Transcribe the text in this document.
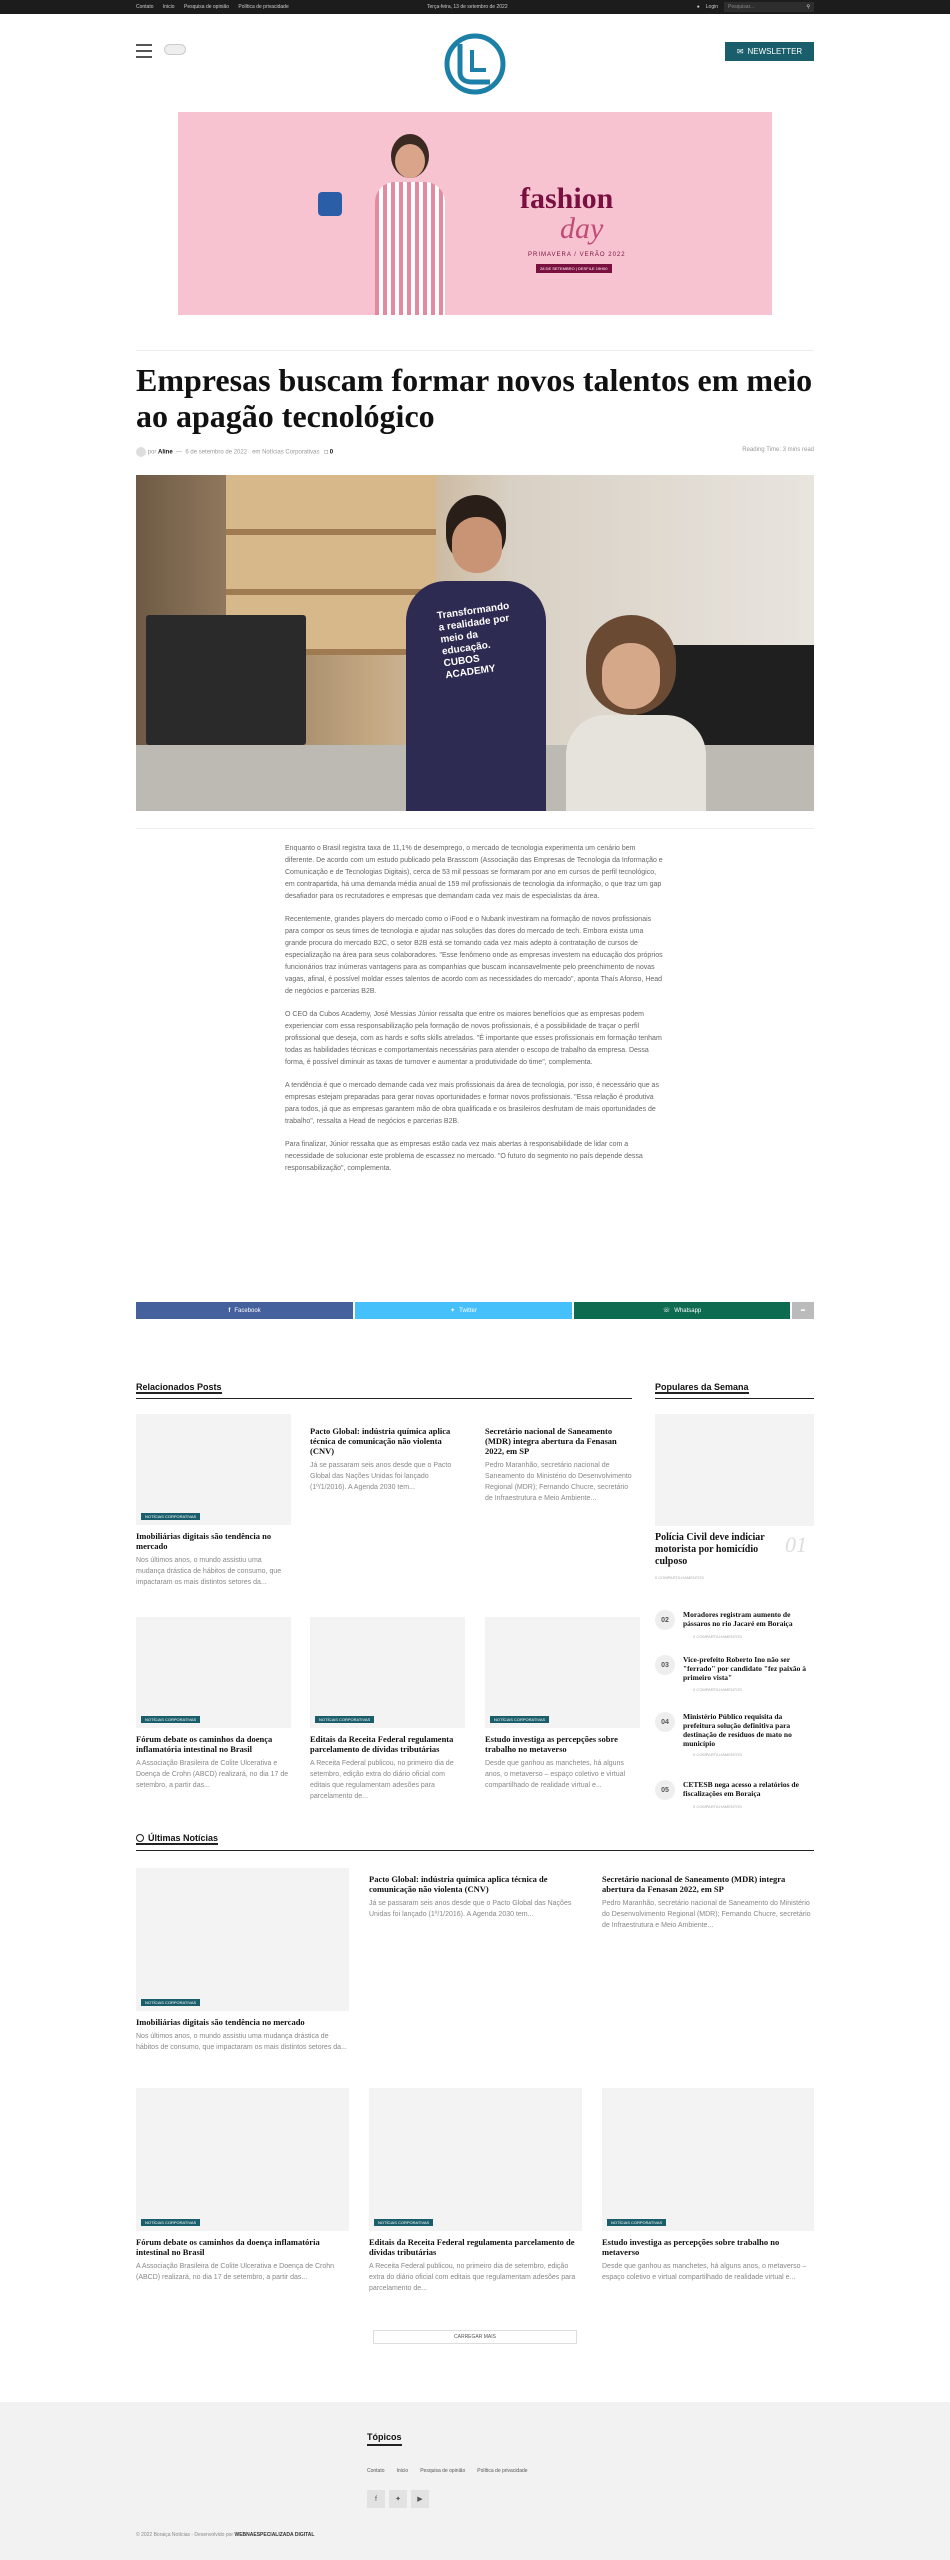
Contato Inicio Pesquisa de opinião Política de privacidade	Terça-feira, 13 de setembro de 2022	● Login Pesquisar...	⚲
✉ NEWSLETTER
fashion
day
PRIMAVERA / VERÃO 2022
28 DE SETEMBRO | DESFILE 19H00
Empresas buscam formar novos talentos em meio ao apagão tecnológico
por Aline  —  6 de setembro de 2022 em Notícias Corporativas □ 0	Reading Time: 3 mins read
Transformando a realidade por meio da educação. CUBOS ACADEMY

Enquanto o Brasil registra taxa de 11,1% de desemprego, o mercado de tecnologia experimenta um cenário bem diferente. De acordo com um estudo publicado pela Brasscom (Associação das Empresas de Tecnologia da Informação e Comunicação e de Tecnologias Digitais), cerca de 53 mil pessoas se formaram por ano em cursos de perfil tecnológico, em contrapartida, há uma demanda média anual de 159 mil profissionais de tecnologia da informação, o que traz um gap desafiador para os recrutadores e empresas que demandam cada vez mais de especialistas da área.

Recentemente, grandes players do mercado como o iFood e o Nubank investiram na formação de novos profissionais para compor os seus times de tecnologia e ajudar nas soluções das dores do mercado de tech. Embora exista uma grande procura do mercado B2C, o setor B2B está se tornando cada vez mais adepto à contratação de cursos de especialização na área para seus colaboradores. "Esse fenômeno onde as empresas investem na educação dos próprios funcionários traz inúmeras vantagens para as companhias que buscam incansavelmente pelo preenchimento de novas vagas, afinal, é possível moldar esses talentos de acordo com as necessidades do mercado", aponta Thaís Afonso, Head de negócios e parcerias B2B.

O CEO da Cubos Academy, José Messias Júnior ressalta que entre os maiores benefícios que as empresas podem experienciar com essa responsabilização pela formação de novos profissionais, é a possibilidade de traçar o perfil profissional que deseja, com as hards e softs skills atrelados. "É importante que esses profissionais em formação tenham todas as habilidades técnicas e comportamentais necessárias para atender o escopo de trabalho da empresa. Dessa forma, é possível diminuir as taxas de turnover e aumentar a produtividade do time", complementa.

A tendência é que o mercado demande cada vez mais profissionais da área de tecnologia, por isso, é necessário que as empresas estejam preparadas para gerar novas oportunidades e formar novos profissionais. "Essa relação é produtiva para todos, já que as empresas garantem mão de obra qualificada e os brasileiros desfrutam de mais oportunidades de trabalho", ressalta a Head de negócios e parcerias B2B.

Para finalizar, Júnior ressalta que as empresas estão cada vez mais abertas à responsabilidade de lidar com a necessidade de solucionar este problema de escassez no mercado. "O futuro do segmento no país depende dessa responsabilização", complementa.

f Facebook	✦ Twitter	☏ Whatsapp	➦
Relacionados Posts
NOTÍCIAS CORPORATIVAS
Imobiliárias digitais são tendência no mercado

Nos últimos anos, o mundo assistiu uma mudança drástica de hábitos de consumo, que impactaram os mais distintos setores da...

Pacto Global: indústria química aplica técnica de comunicação não violenta (CNV)

Já se passaram seis anos desde que o Pacto Global das Nações Unidas foi lançado (1º/1/2016). A Agenda 2030 tem...

Secretário nacional de Saneamento (MDR) integra abertura da Fenasan 2022, em SP

Pedro Maranhão, secretário nacional de Saneamento do Ministério do Desenvolvimento Regional (MDR); Fernando Chucre, secretário de Infraestrutura e Meio Ambiente...

NOTÍCIAS CORPORATIVAS
Fórum debate os caminhos da doença inflamatória intestinal no Brasil

A Associação Brasileira de Colite Ulcerativa e Doença de Crohn (ABCD) realizará, no dia 17 de setembro, a partir das...

NOTÍCIAS CORPORATIVAS
Editais da Receita Federal regulamenta parcelamento de dívidas tributárias

A Receita Federal publicou, no primeiro dia de setembro, edição extra do diário oficial com editais que regulamentam adesões para parcelamento de...

NOTÍCIAS CORPORATIVAS
Estudo investiga as percepções sobre trabalho no metaverso

Desde que ganhou as manchetes, há alguns anos, o metaverso – espaço coletivo e virtual compartilhado de realidade virtual e...

Populares da Semana
Polícia Civil deve indiciar motorista por homicídio culposo
01

0 COMPARTILHAMENTOS

02
Moradores registram aumento de pássaros no rio Jacaré em Boraiça
0 COMPARTILHAMENTOS
03
Vice-prefeito Roberto Ino não ser "ferrado" por candidato "fez paixão à primeiro vista"
0 COMPARTILHAMENTOS
04
Ministério Público requisita da prefeitura solução definitiva para destinação de resíduos de mato no município
0 COMPARTILHAMENTOS
05
CETESB nega acesso a relatórios de fiscalizações em Boraiça
0 COMPARTILHAMENTOS
Últimas Notícias
NOTÍCIAS CORPORATIVAS
Imobiliárias digitais são tendência no mercado

Nos últimos anos, o mundo assistiu uma mudança drástica de hábitos de consumo, que impactaram os mais distintos setores da...

Pacto Global: indústria química aplica técnica de comunicação não violenta (CNV)

Já se passaram seis anos desde que o Pacto Global das Nações Unidas foi lançado (1º/1/2016). A Agenda 2030 tem...

Secretário nacional de Saneamento (MDR) integra abertura da Fenasan 2022, em SP

Pedro Maranhão, secretário nacional de Saneamento do Ministério do Desenvolvimento Regional (MDR); Fernando Chucre, secretário de Infraestrutura e Meio Ambiente...

NOTÍCIAS CORPORATIVAS
Fórum debate os caminhos da doença inflamatória intestinal no Brasil

A Associação Brasileira de Colite Ulcerativa e Doença de Crohn (ABCD) realizará, no dia 17 de setembro, a partir das...

NOTÍCIAS CORPORATIVAS
Editais da Receita Federal regulamenta parcelamento de dívidas tributárias

A Receita Federal publicou, no primeiro dia de setembro, edição extra do diário oficial com editais que regulamentam adesões para parcelamento de...

NOTÍCIAS CORPORATIVAS
Estudo investiga as percepções sobre trabalho no metaverso

Desde que ganhou as manchetes, há alguns anos, o metaverso – espaço coletivo e virtual compartilhado de realidade virtual e...

CARREGAR MAIS
Tópicos
Contato Inicio Pesquisa de opinião Política de privacidade
f	✦	▶
© 2022 Boraiça Notícias - Desenvolvido por WEBNAESPECIALIZADA DIGITAL
